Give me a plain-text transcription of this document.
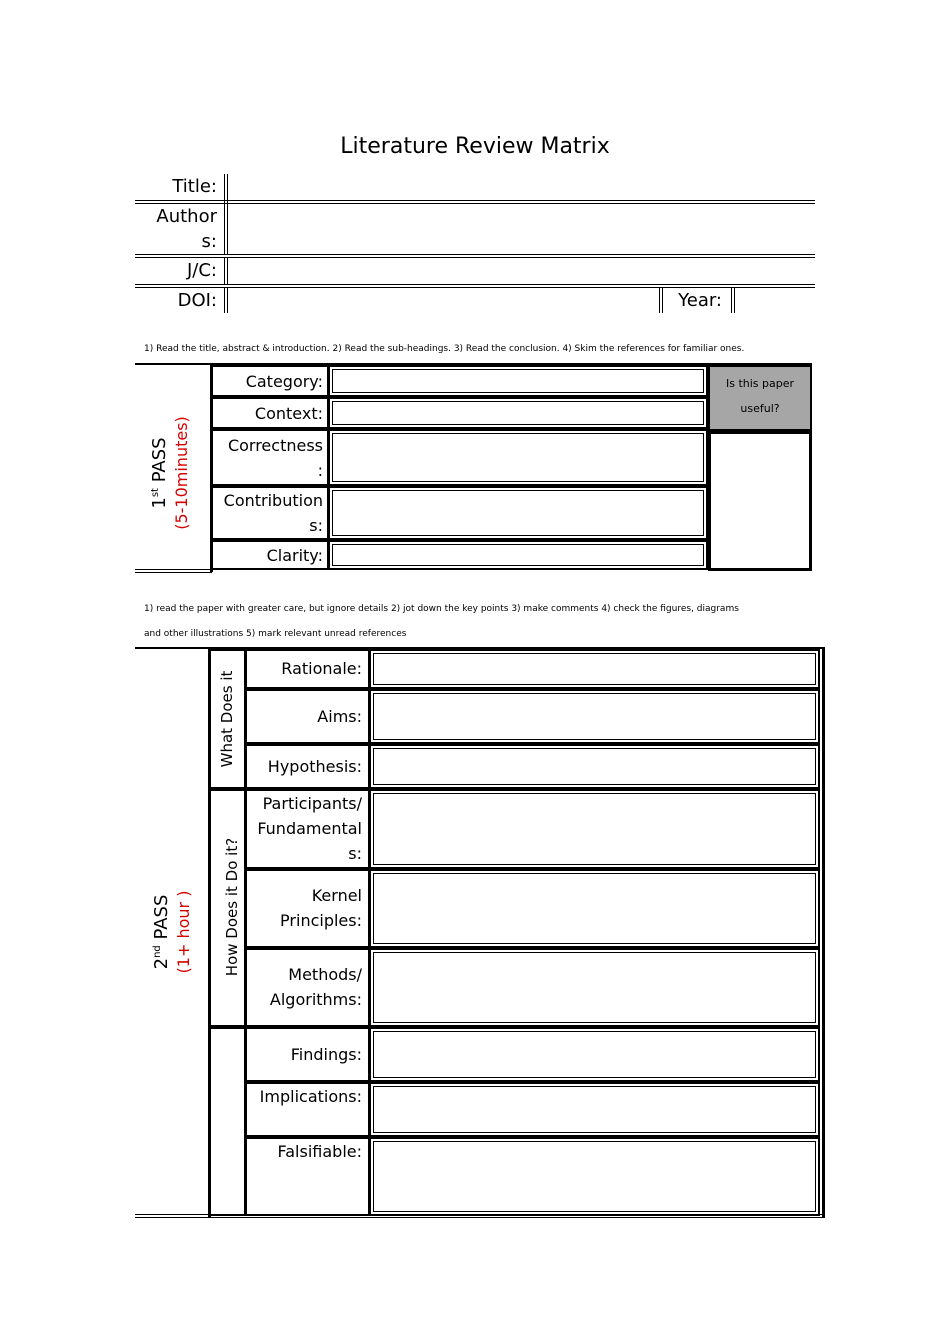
Literature Review Matrix
Title:
Author
s:
J/C:
DOI:	Year:
1) Read the title, abstract & introduction. 2) Read the sub-headings. 3) Read the conclusion. 4) Skim the references for familiar ones.
1st PASS (5-10minutes)
Category:
Context:
Correctness
:
Contribution
s:
Clarity:
Is this paper
useful?
1) read the paper with greater care, but ignore details 2) jot down the key points 3) make comments 4) check the figures, diagrams
and other illustrations 5) mark relevant unread references
2nd PASS (1+ hour )
What Does it
How Does it Do it?
Rationale:
Aims:
Hypothesis:
Participants/
Fundamental
s:
Kernel
Principles:
Methods/
Algorithms:
Findings:
Implications:
Falsifiable:
